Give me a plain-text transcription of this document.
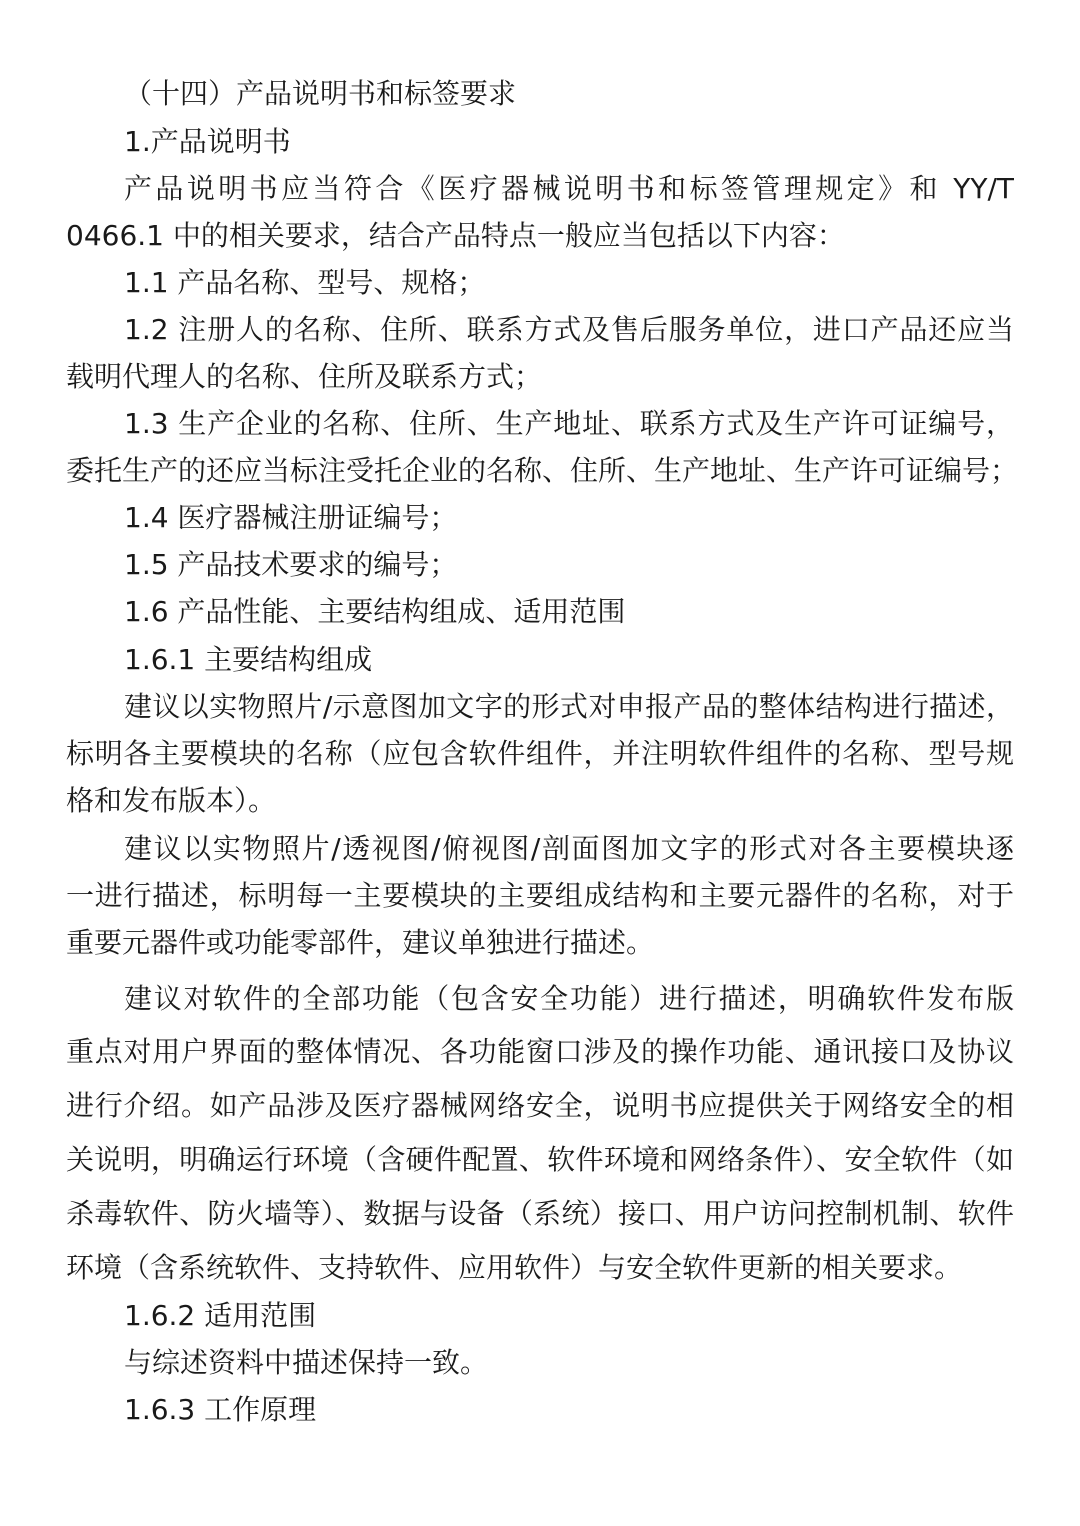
（十四）产品说明书和标签要求
1.产品说明书
产品说明书应当符合《医疗器械说明书和标签管理规定》和 YY/T
0466.1 中的相关要求，结合产品特点一般应当包括以下内容：
1.1 产品名称、型号、规格；
1.2 注册人的名称、住所、联系方式及售后服务单位，进口产品还应当
载明代理人的名称、住所及联系方式；
1.3 生产企业的名称、住所、生产地址、联系方式及生产许可证编号，
委托生产的还应当标注受托企业的名称、住所、生产地址、生产许可证编号；
1.4 医疗器械注册证编号；
1.5 产品技术要求的编号；
1.6 产品性能、主要结构组成、适用范围
1.6.1 主要结构组成
建议以实物照片/示意图加文字的形式对申报产品的整体结构进行描述，
标明各主要模块的名称（应包含软件组件，并注明软件组件的名称、型号规
格和发布版本）。
建议以实物照片/透视图/俯视图/剖面图加文字的形式对各主要模块逐
一进行描述，标明每一主要模块的主要组成结构和主要元器件的名称，对于
重要元器件或功能零部件，建议单独进行描述。
建议对软件的全部功能（包含安全功能）进行描述，明确软件发布版
重点对用户界面的整体情况、各功能窗口涉及的操作功能、通讯接口及协议
进行介绍。如产品涉及医疗器械网络安全，说明书应提供关于网络安全的相
关说明，明确运行环境（含硬件配置、软件环境和网络条件）、安全软件（如
杀毒软件、防火墙等）、数据与设备（系统）接口、用户访问控制机制、软件
环境（含系统软件、支持软件、应用软件）与安全软件更新的相关要求。
1.6.2 适用范围
与综述资料中描述保持一致。
1.6.3 工作原理
